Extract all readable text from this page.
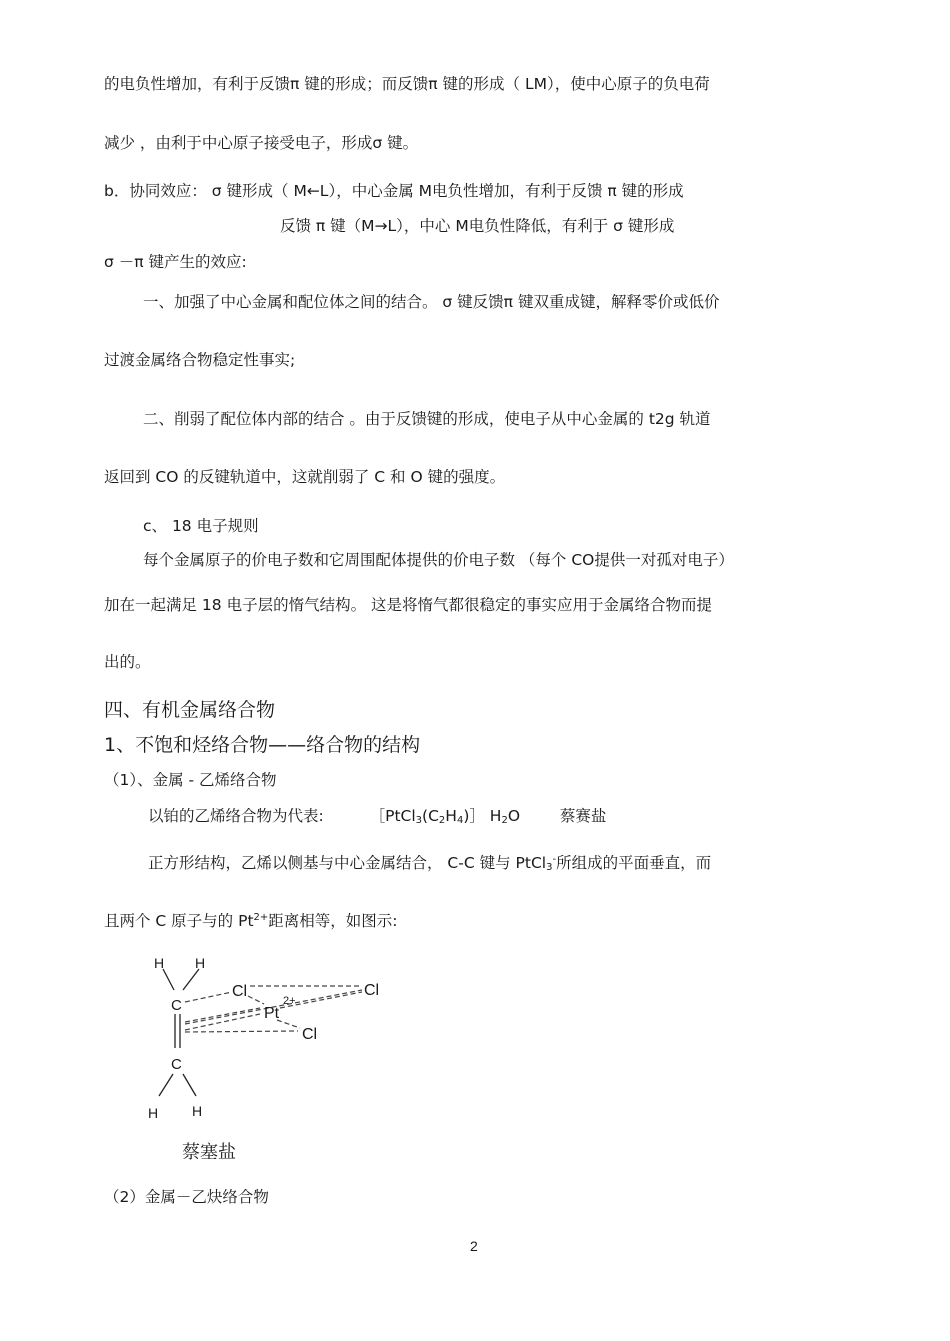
的电负性增加，有利于反馈π 键的形成；而反馈π 键的形成（ LM），使中心原子的负电荷
减少 ，由利于中心原子接受电子，形成σ 键。
b．协同效应： σ 键形成（ M←L），中心金属 M电负性增加，有利于反馈 π 键的形成
反馈 π 键（M→L），中心 M电负性降低，有利于 σ 键形成
σ －π 键产生的效应:
一、加强了中心金属和配位体之间的结合。 σ 键反馈π 键双重成键，解释零价或低价
过渡金属络合物稳定性事实;
二、削弱了配位体内部的结合 。由于反馈键的形成，使电子从中心金属的 t2g 轨道
返回到 CO 的反键轨道中，这就削弱了 C 和 O 键的强度。
c、 18 电子规则
每个金属原子的价电子数和它周围配体提供的价电子数 （每个 CO提供一对孤对电子）
加在一起满足 18 电子层的惰气结构。 这是将惰气都很稳定的事实应用于金属络合物而提
出的。
四、有机金属络合物
1、不饱和烃络合物——络合物的结构
（1）、金属 - 乙烯络合物
以铂的乙烯络合物为代表:	$[PtCl_3(C_2H_4)]$ $H_2O$	蔡赛盐
正方形结构，乙烯以侧基与中心金属结合， C-C 键与 PtCl$_3$-所组成的平面垂直，而
且两个 C 原子与的 $Pt^{2+}$距离相等，如图示:
H H
C
Cl
Pt
2+
Cl
Cl
C
H H
蔡塞盐
（2）金属－乙炔络合物
2
